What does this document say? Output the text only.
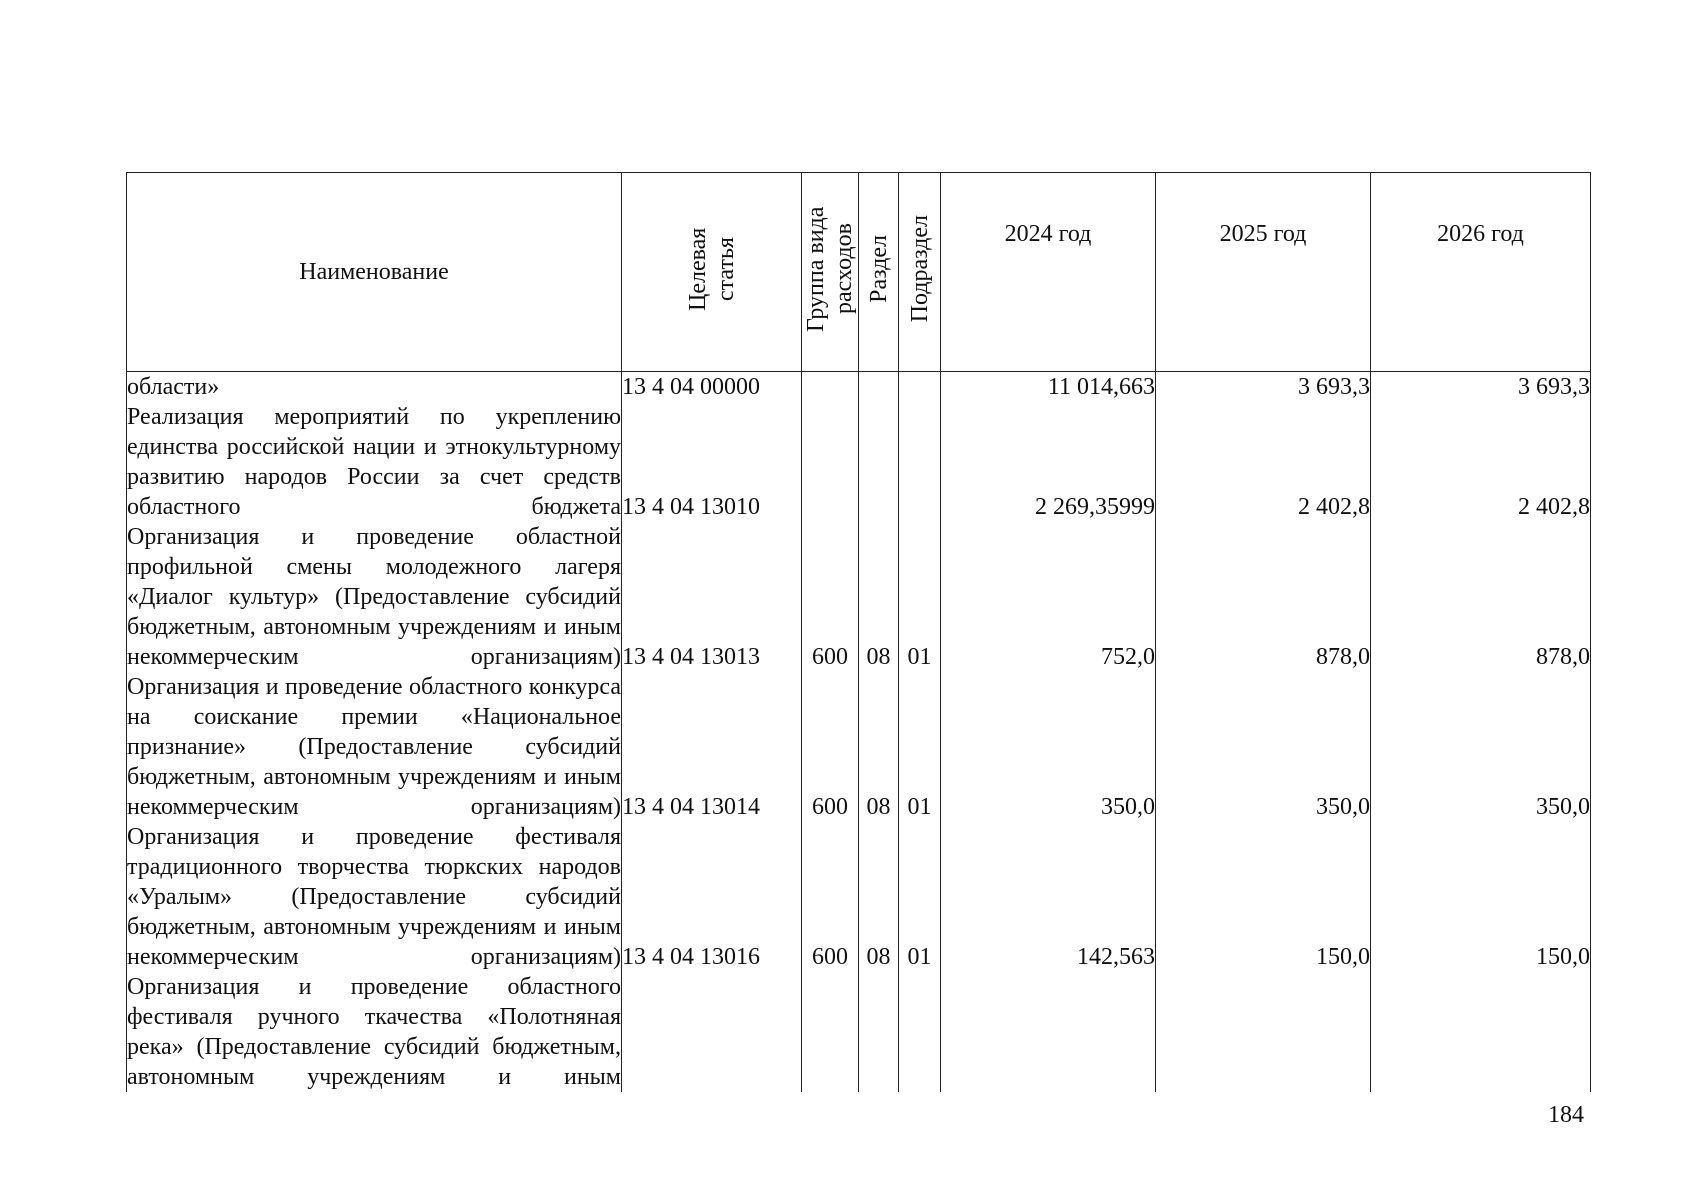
Наименование	Целевая статья	Группа вида расходов	Раздел	Подраздел	2024 год	2025 год	2026 год
области»	13 4 04 00000				11 014,663	3 693,3	3 693,3
Реализация мероприятий по укреплению единства российской нации и этнокультурному развитию народов России за счет средств областного бюджета	13 4 04 13010				2 269,35999	2 402,8	2 402,8
Организация и проведение областной профильной смены молодежного лагеря «Диалог культур» (Предоставление субсидий бюджетным, автономным учреждениям и иным некоммерческим организациям)	13 4 04 13013	600	08	01	752,0	878,0	878,0
Организация и проведение областного конкурса на соискание премии «Национальное признание» (Предоставление субсидий бюджетным, автономным учреждениям и иным некоммерческим организациям)	13 4 04 13014	600	08	01	350,0	350,0	350,0
Организация и проведение фестиваля традиционного творчества тюркских народов «Уралым» (Предоставление субсидий бюджетным, автономным учреждениям и иным некоммерческим организациям)	13 4 04 13016	600	08	01	142,563	150,0	150,0
Организация и проведение областного фестиваля ручного ткачества «Полотняная река» (Предоставление субсидий бюджетным, автономным учреждениям и иным							
184
